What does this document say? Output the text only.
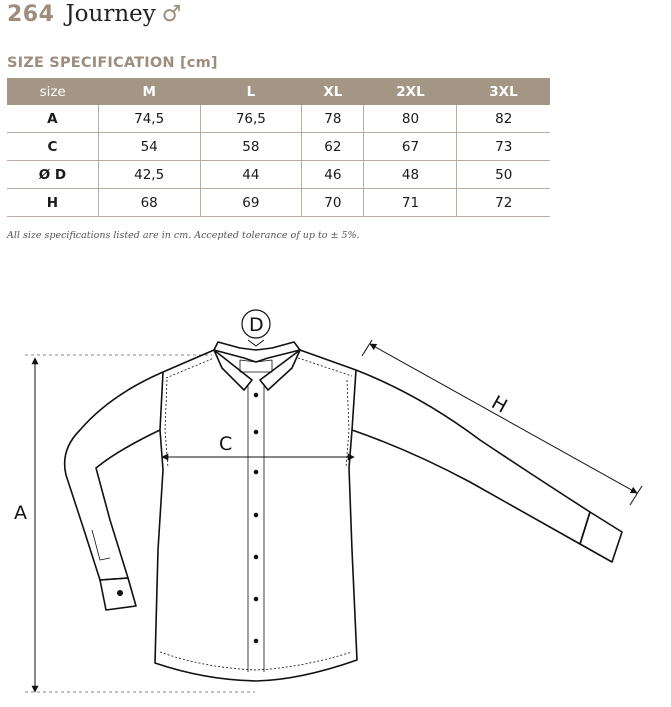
264 Journey ♂
SIZE SPECIFICATION [cm]
size	M	L	XL	2XL	3XL
A	74,5	76,5	78	80	82
C	54	58	62	67	73
Ø D	42,5	44	46	48	50
H	68	69	70	71	72
All size specifications listed are in cm. Accepted tolerance of up to ± 5%.
A
C
D
H
